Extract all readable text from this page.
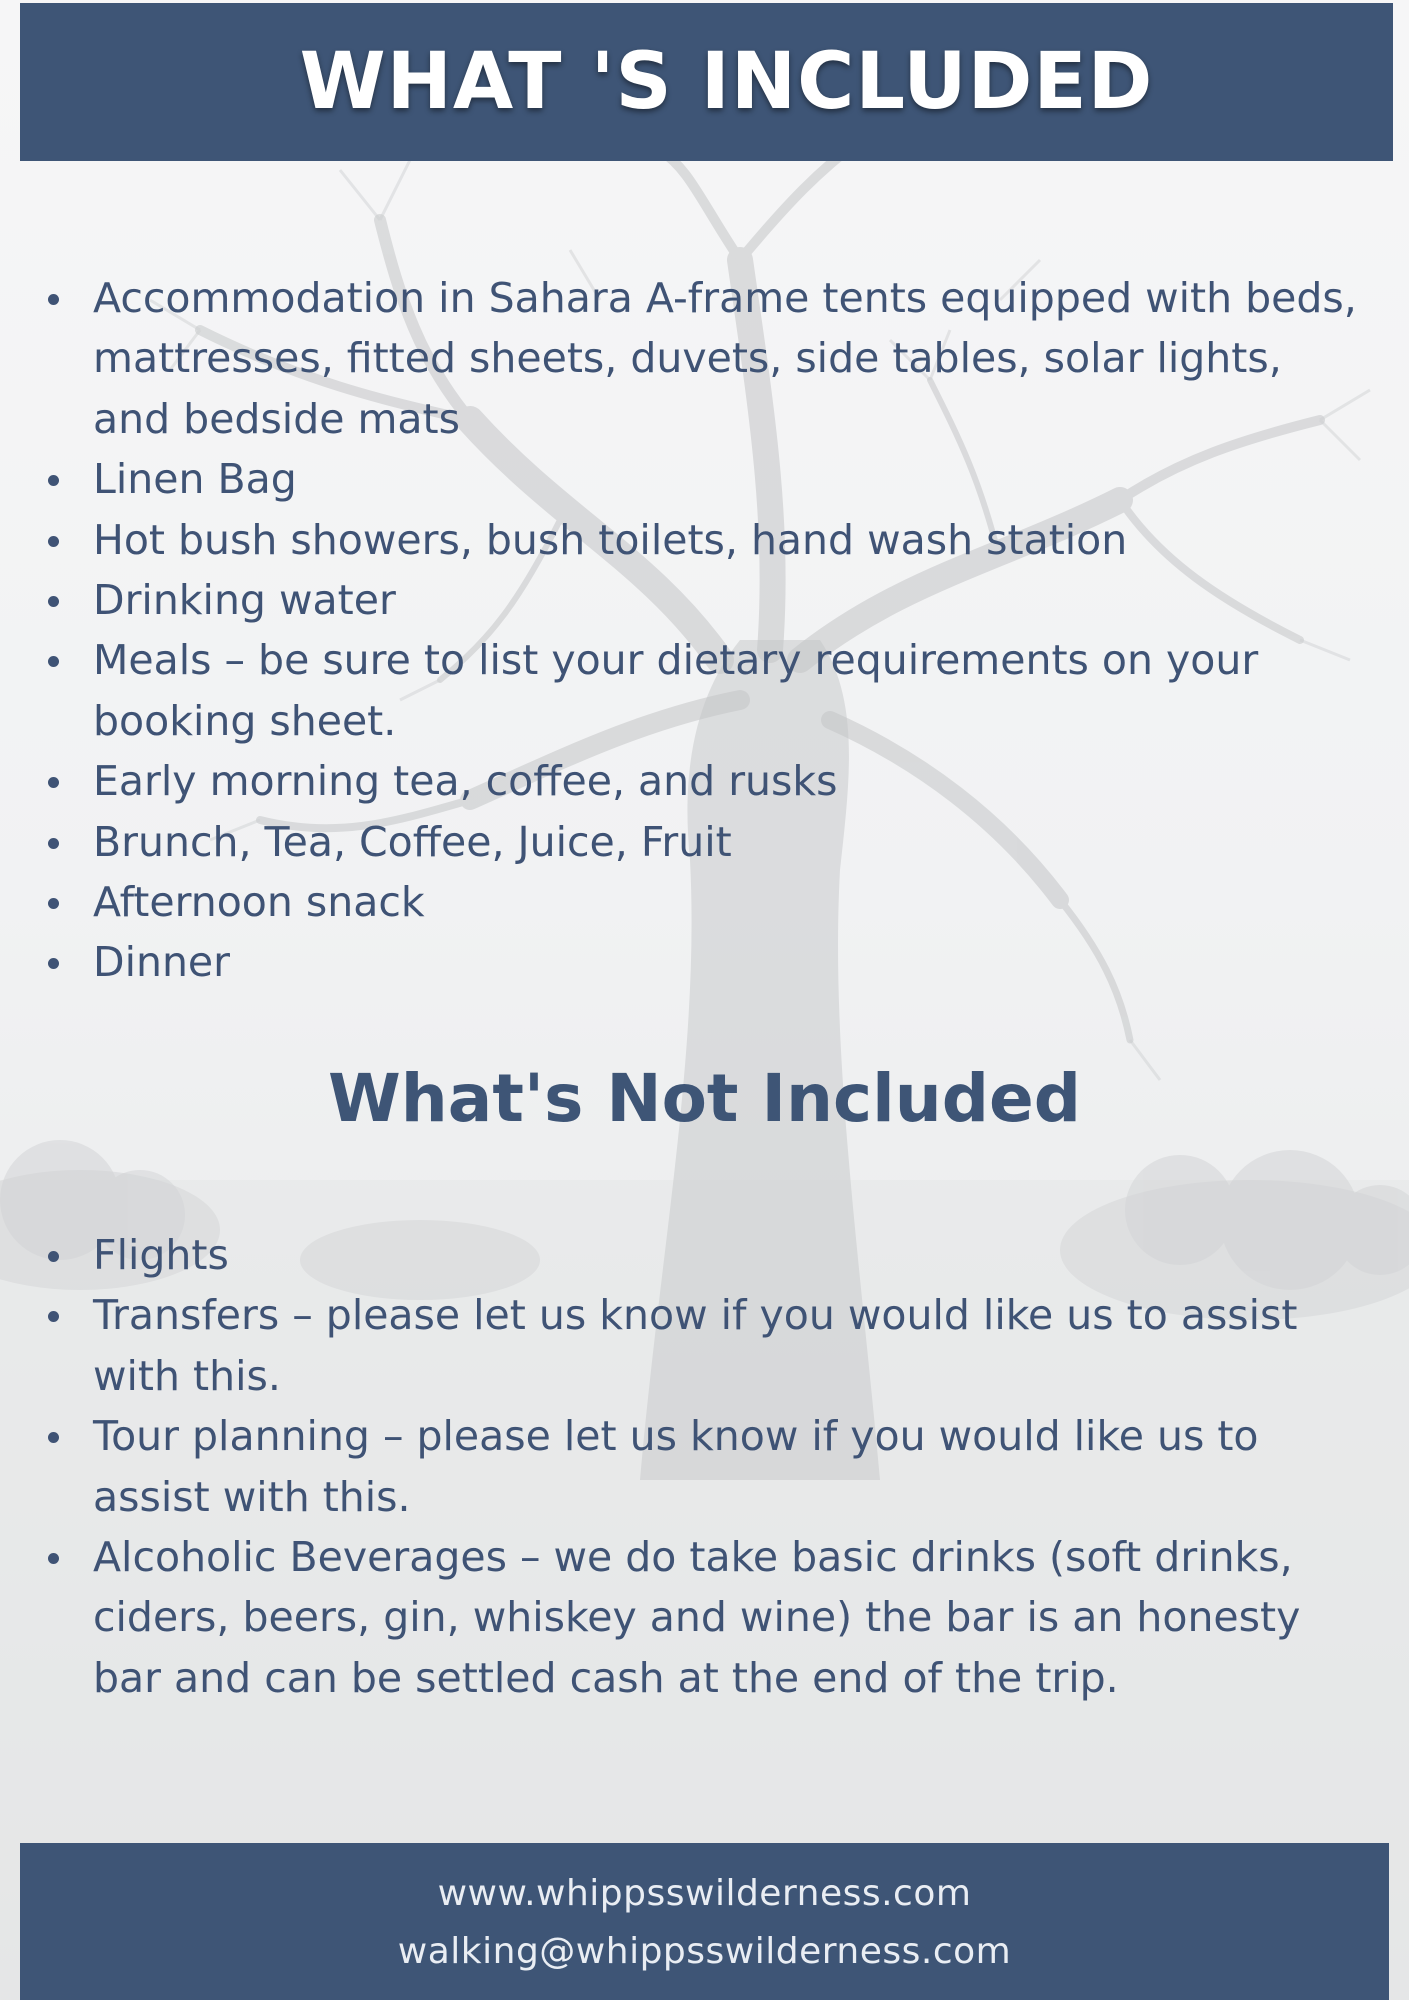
WHAT 'S INCLUDED
Accommodation in Sahara A-frame tents equipped with beds, mattresses, fitted sheets, duvets, side tables, solar lights, and bedside mats
Linen Bag
Hot bush showers, bush toilets, hand wash station
Drinking water
Meals – be sure to list your dietary requirements on your booking sheet.
Early morning tea, coffee, and rusks
Brunch, Tea, Coffee, Juice, Fruit
Afternoon snack
Dinner
What's Not Included
Flights
Transfers – please let us know if you would like us to assist with this.
Tour planning – please let us know if you would like us to assist with this.
Alcoholic Beverages – we do take basic drinks (soft drinks, ciders, beers, gin, whiskey and wine) the bar is an honesty bar and can be settled cash at the end of the trip.
www.whippsswilderness.com
walking@whippsswilderness.com
